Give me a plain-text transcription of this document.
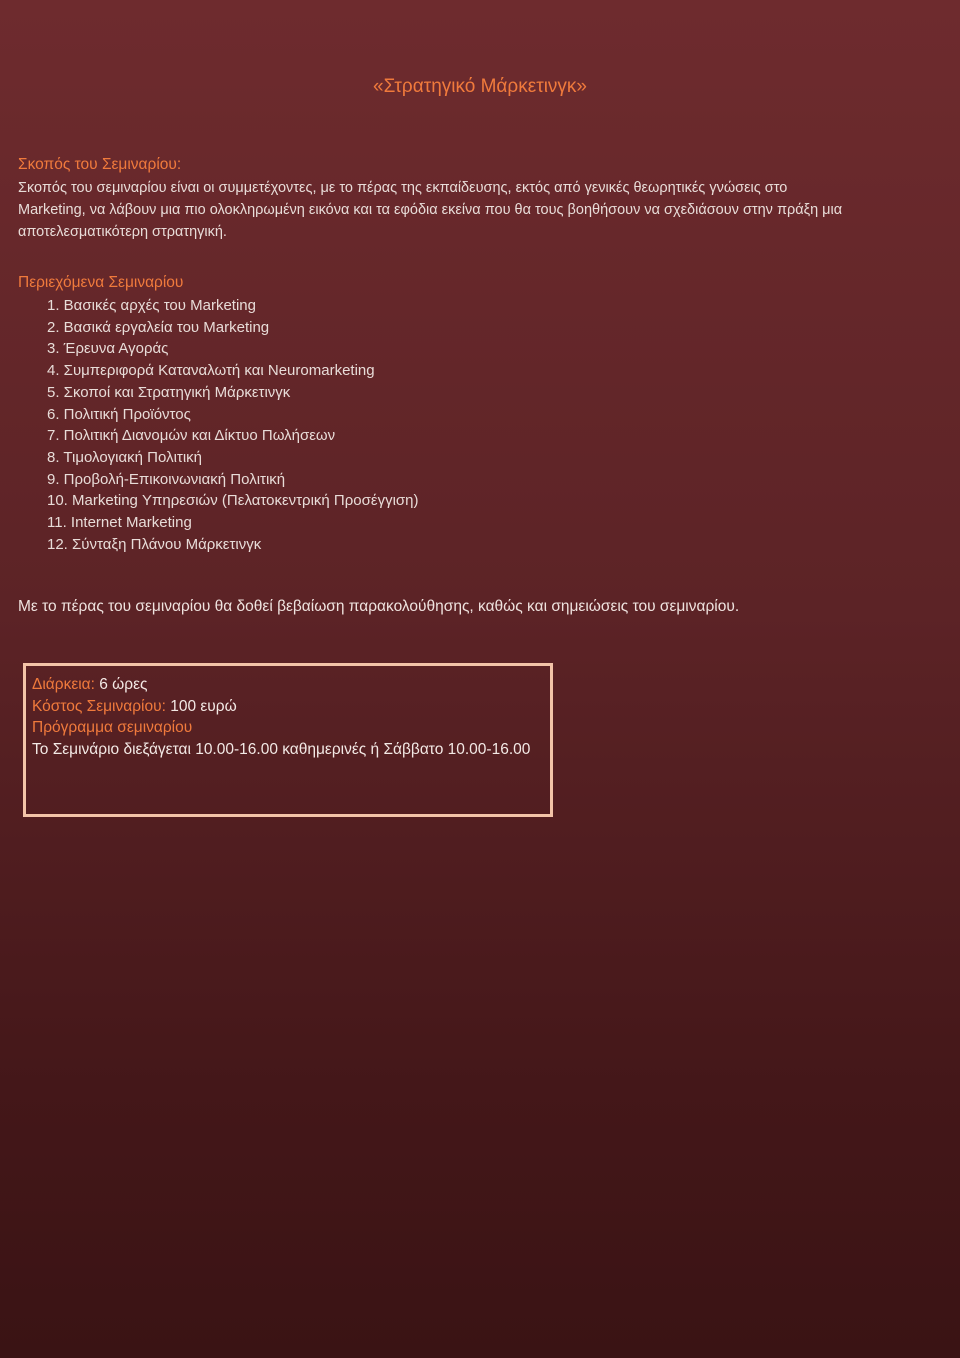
«Στρατηγικό Μάρκετινγκ»
Σκοπός του Σεμιναρίου:

Σκοπός του σεμιναρίου είναι οι συμμετέχοντες, με το πέρας της εκπαίδευσης, εκτός από γενικές θεωρητικές γνώσεις στο Marketing, να λάβουν μια πιο ολοκληρωμένη εικόνα και τα εφόδια εκείνα που θα τους βοηθήσουν να σχεδιάσουν στην πράξη μια αποτελεσματικότερη στρατηγική.

Περιεχόμενα Σεμιναρίου
1. Βασικές αρχές του Marketing
2. Βασικά εργαλεία του Marketing
3. Έρευνα Αγοράς
4. Συμπεριφορά Καταναλωτή και Neuromarketing
5. Σκοποί και Στρατηγική Μάρκετινγκ
6. Πολιτική Προϊόντος
7. Πολιτική Διανομών και Δίκτυο Πωλήσεων
8. Τιμολογιακή Πολιτική
9. Προβολή-Επικοινωνιακή Πολιτική
10. Marketing Υπηρεσιών (Πελατοκεντρική Προσέγγιση)
11. Internet Marketing
12. Σύνταξη Πλάνου Μάρκετινγκ

Με το πέρας του σεμιναρίου θα δοθεί βεβαίωση παρακολούθησης, καθώς και σημειώσεις του σεμιναρίου.

Διάρκεια: 6 ώρες
Κόστος Σεμιναρίου: 100 ευρώ
Πρόγραμμα σεμιναρίου
Το Σεμινάριο διεξάγεται 10.00-16.00 καθημερινές ή Σάββατο 10.00-16.00
